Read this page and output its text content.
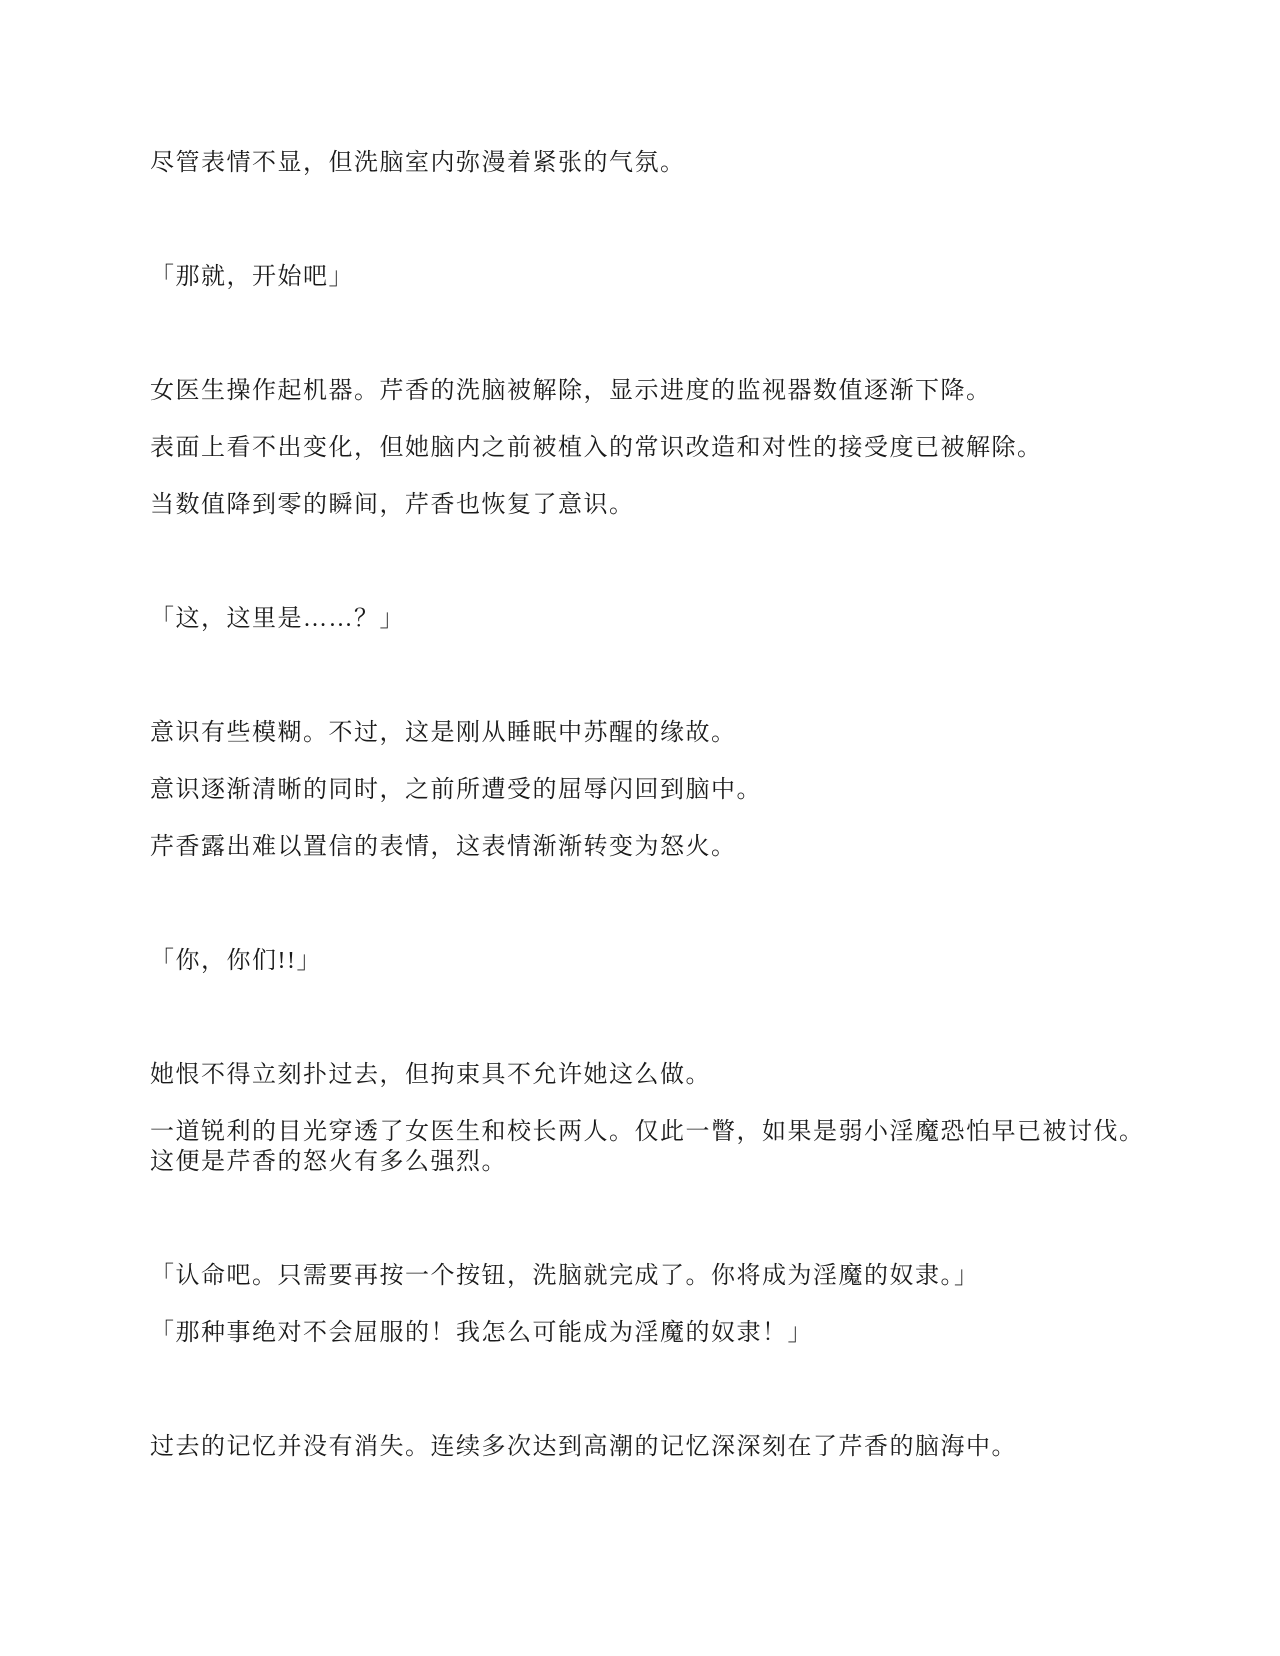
尽管表情不显，但洗脑室内弥漫着紧张的气氛。

「那就，开始吧」

女医生操作起机器。芹香的洗脑被解除，显示进度的监视器数值逐渐下降。

表面上看不出变化，但她脑内之前被植入的常识改造和对性的接受度已被解除。

当数值降到零的瞬间，芹香也恢复了意识。

「这，这里是……？」

意识有些模糊。不过，这是刚从睡眠中苏醒的缘故。

意识逐渐清晰的同时，之前所遭受的屈辱闪回到脑中。

芹香露出难以置信的表情，这表情渐渐转变为怒火。

「你，你们!!」

她恨不得立刻扑过去，但拘束具不允许她这么做。

一道锐利的目光穿透了女医生和校长两人。仅此一瞥，如果是弱小淫魔恐怕早已被讨伐。这便是芹香的怒火有多么强烈。

「认命吧。只需要再按一个按钮，洗脑就完成了。你将成为淫魔的奴隶。」

「那种事绝对不会屈服的！我怎么可能成为淫魔的奴隶！」

过去的记忆并没有消失。连续多次达到高潮的记忆深深刻在了芹香的脑海中。
